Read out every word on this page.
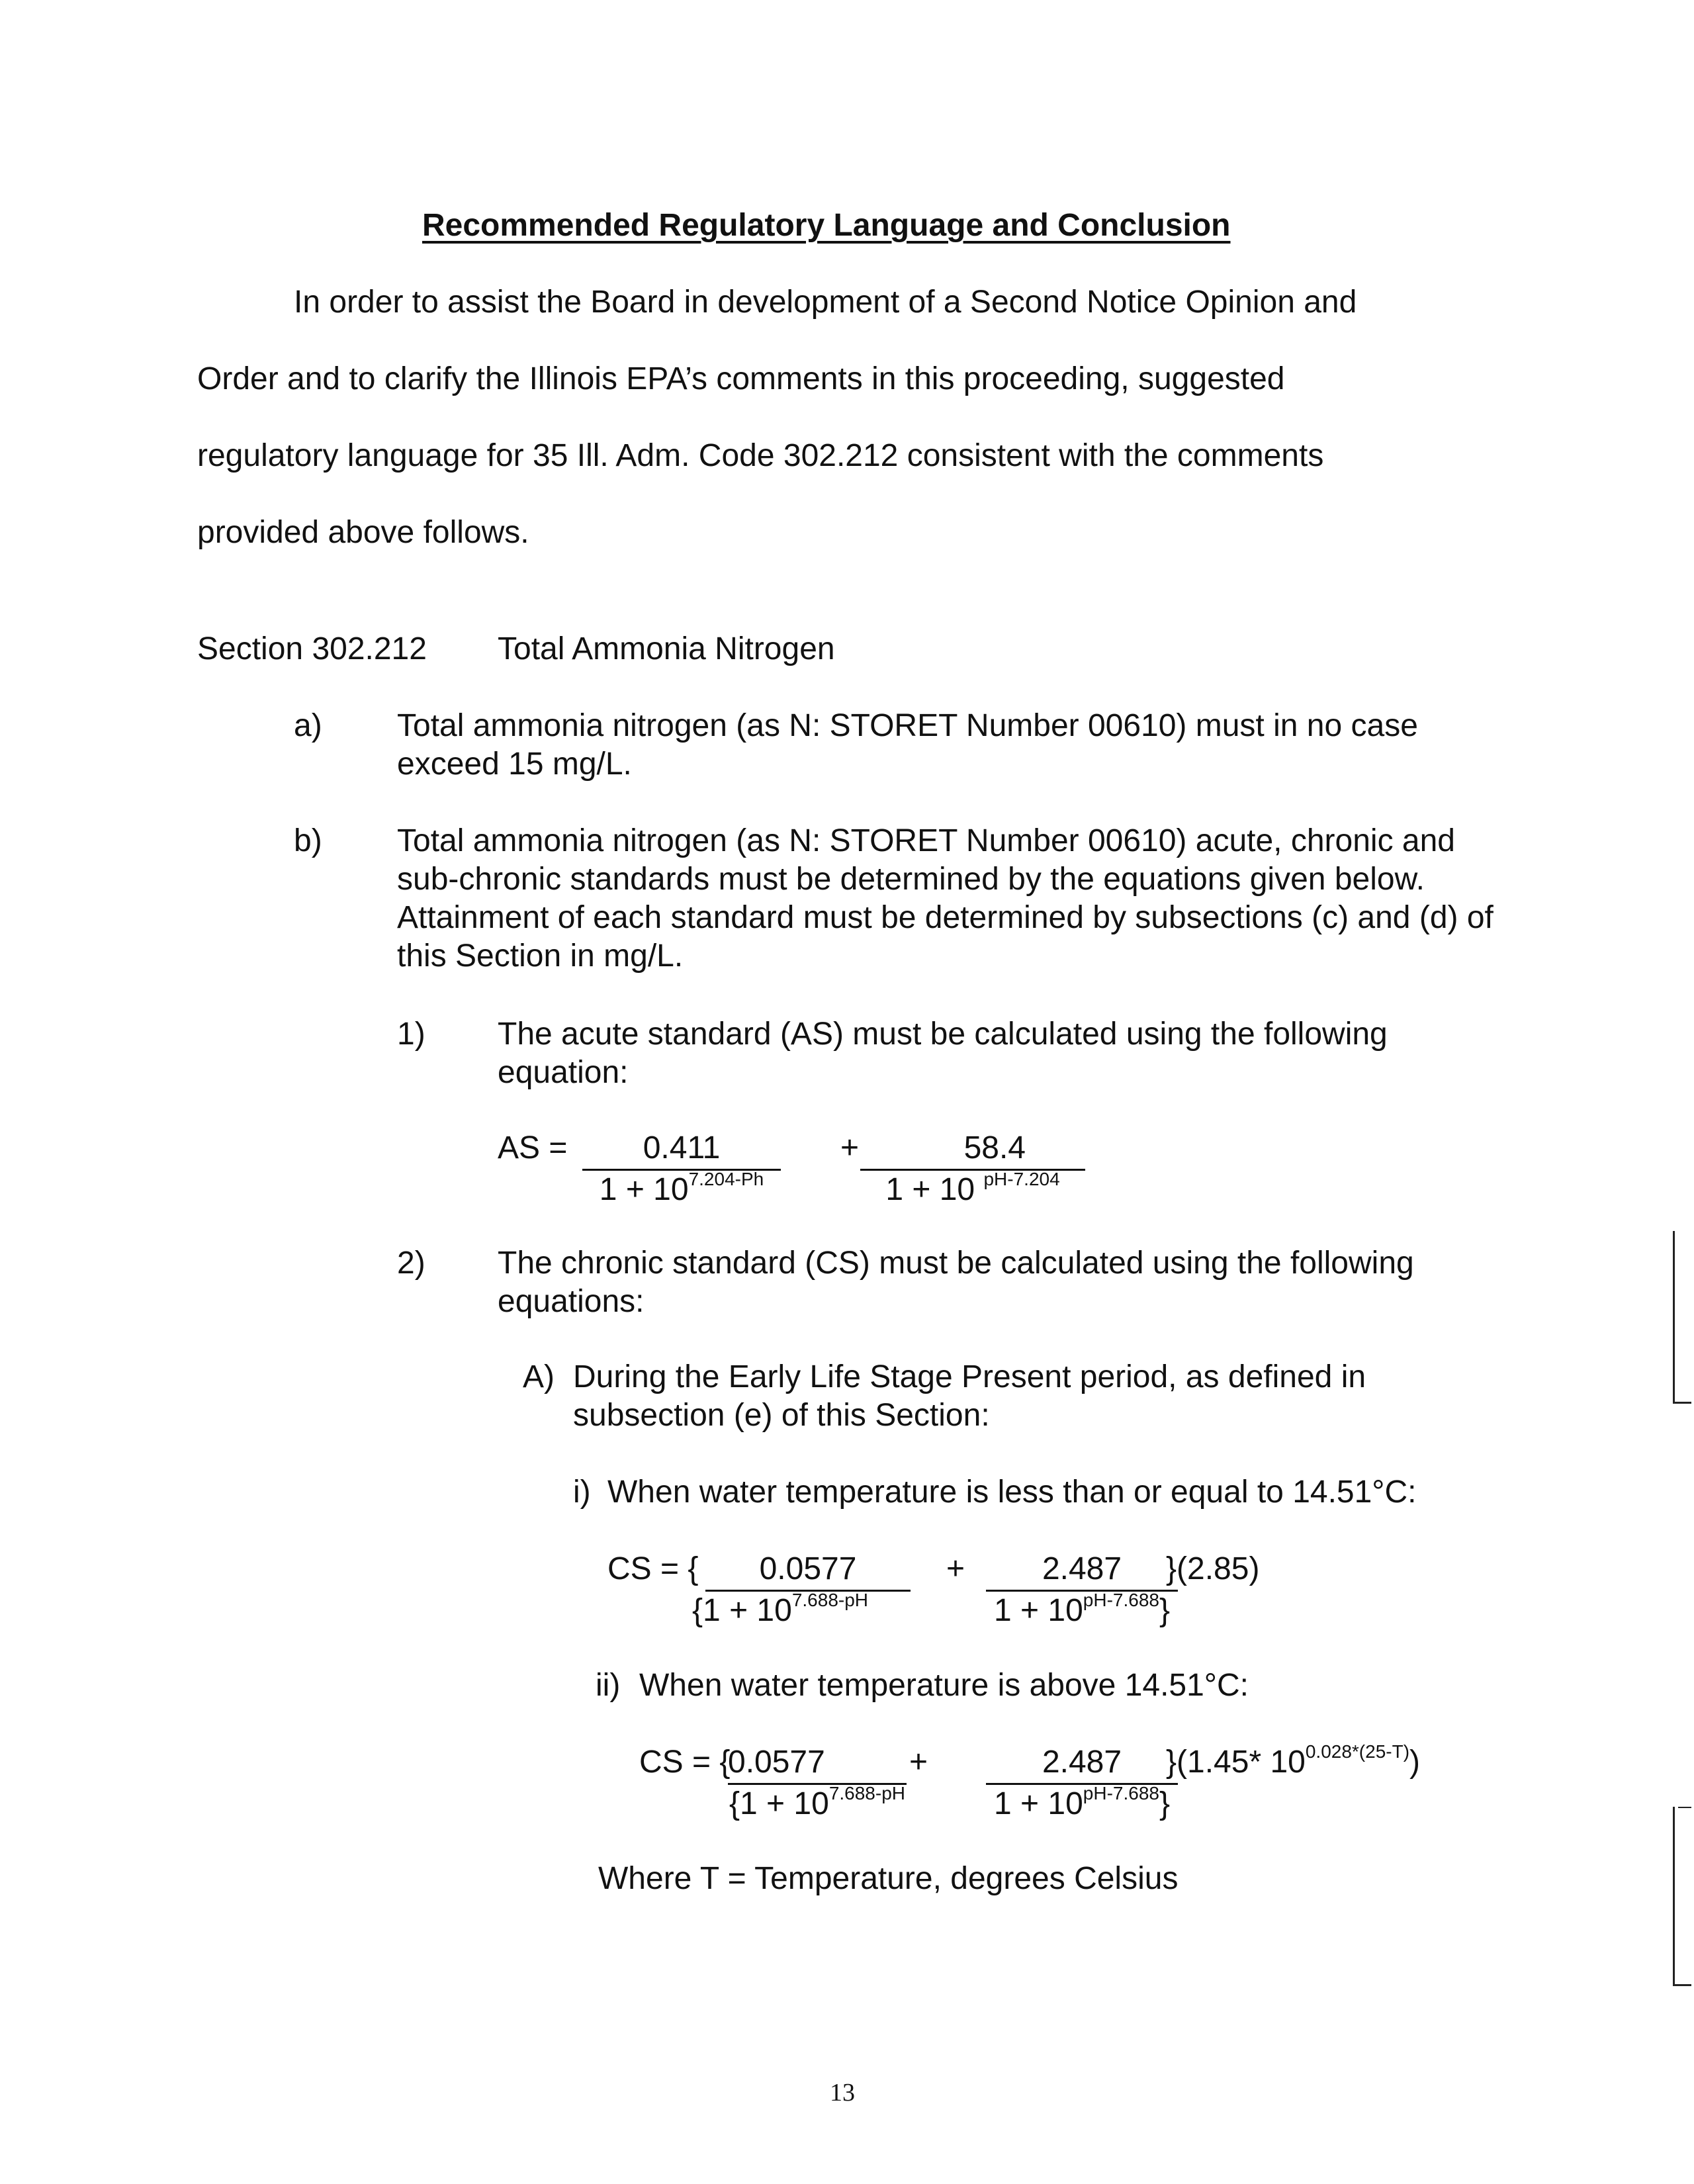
Recommended Regulatory Language and Conclusion
In order to assist the Board in development of a Second Notice Opinion and
Order and to clarify the Illinois EPA’s comments in this proceeding, suggested
regulatory language for 35 Ill. Adm. Code 302.212 consistent with the comments
provided above follows.
Section 302.212 Total Ammonia Nitrogen
a) Total ammonia nitrogen (as N: STORET Number 00610) must in no case exceed 15 mg/L.
b) Total ammonia nitrogen (as N: STORET Number 00610) acute, chronic and sub-chronic standards must be determined by the equations given below. Attainment of each standard must be determined by subsections (c) and (d) of this Section in mg/L.
1) The acute standard (AS) must be calculated using the following equation:
AS = $\frac{0.411}{1 + 10^{7.204-Ph}} + \frac{58.4}{1 + 10 ^{pH-7.204}}$
2) The chronic standard (CS) must be calculated using the following equations:
A) During the Early Life Stage Present period, as defined in subsection (e) of this Section:
i) When water temperature is less than or equal to 14.51°C:
CS = { $\frac{0.0577}{\{1 + 10^{7.688-pH}} + \frac{2.487}{1 + 10^{pH-7.688}\}}$
}(2.85)
ii) When water temperature is above 14.51°C:
CS = {
$\frac{0.0577}{\{1 + 10^{7.688-pH}} + \frac{2.487}{1 + 10^{pH-7.688}\}}$
}(1.45* $10^{0.028*(25-T)}$)
Where T = Temperature, degrees Celsius
13
